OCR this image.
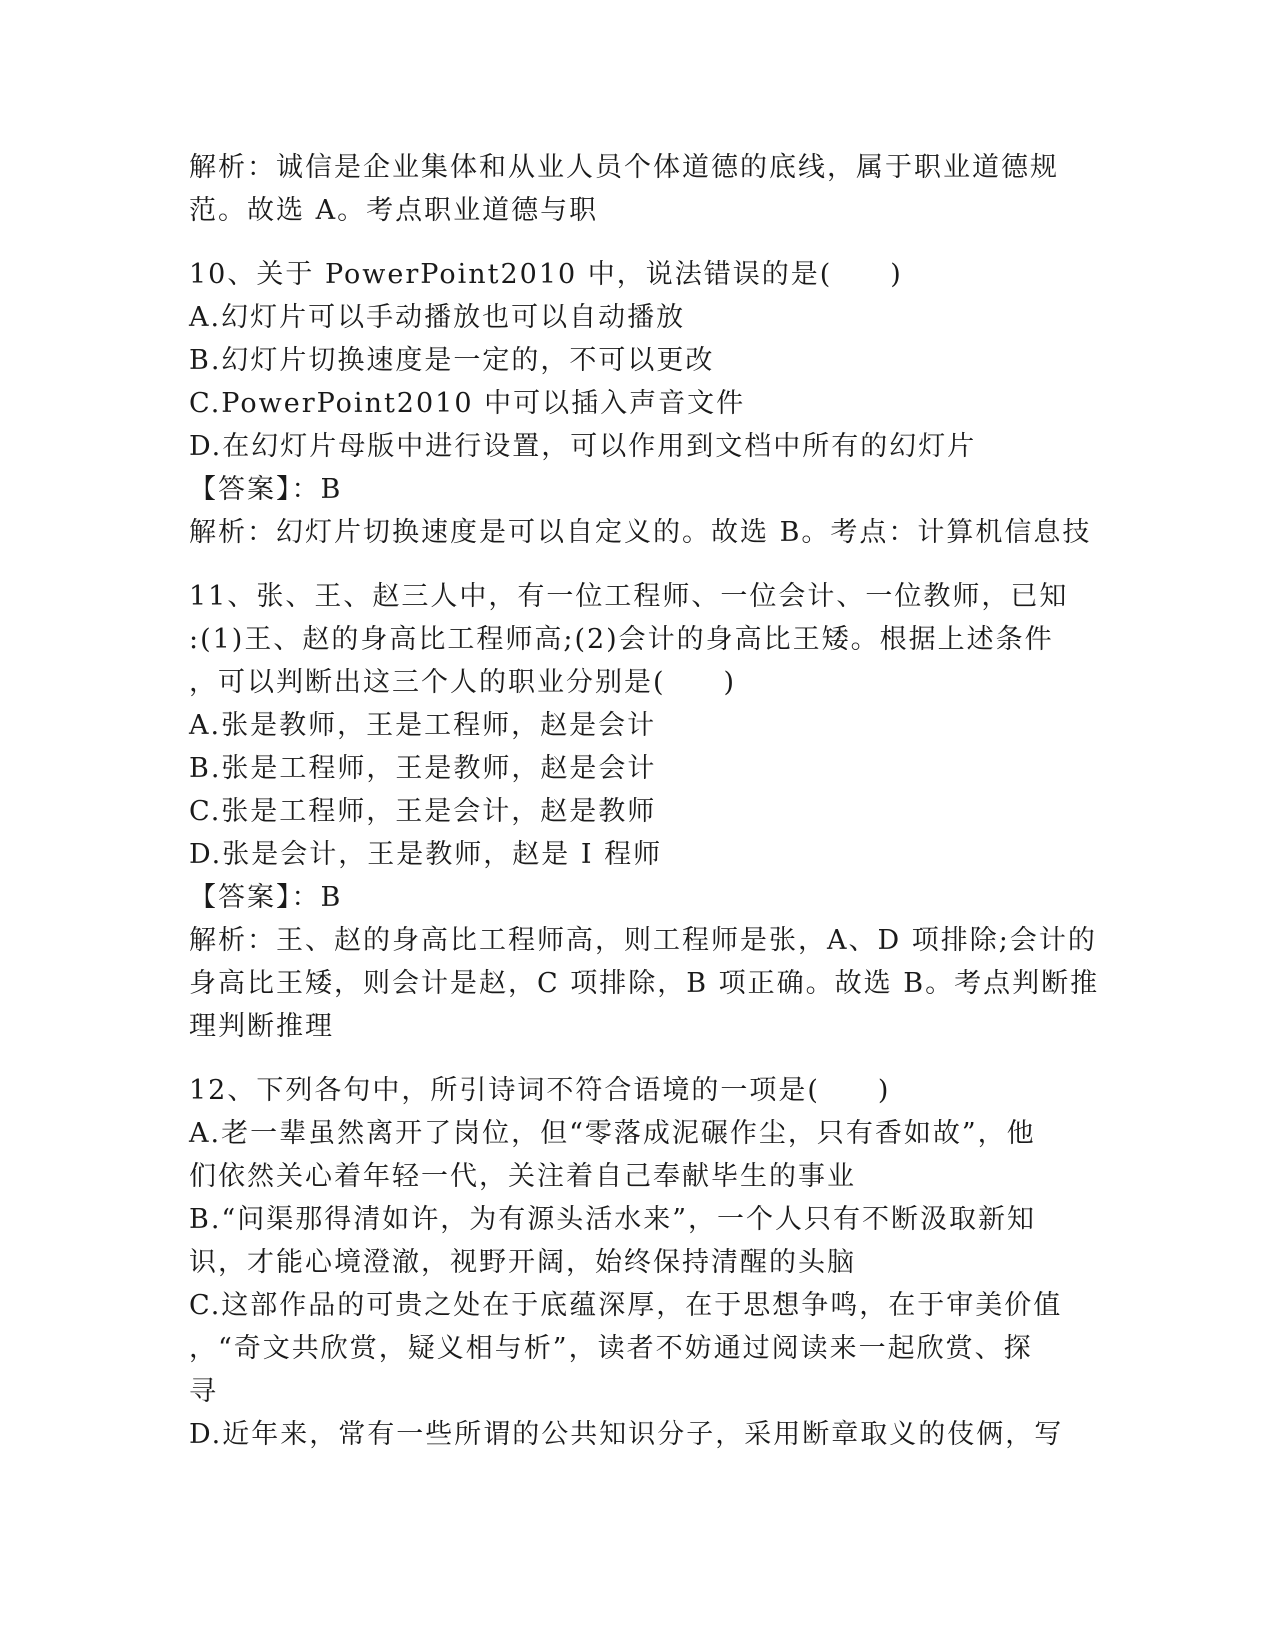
解析：诚信是企业集体和从业人员个体道德的底线，属于职业道德规
范。故选 A。考点职业道德与职
10、关于 PowerPoint2010 中，说法错误的是(　　)
A.幻灯片可以手动播放也可以自动播放
B.幻灯片切换速度是一定的，不可以更改
C.PowerPoint2010 中可以插入声音文件
D.在幻灯片母版中进行设置，可以作用到文档中所有的幻灯片
【答案】：B
解析：幻灯片切换速度是可以自定义的。故选 B。考点：计算机信息技
11、张、王、赵三人中，有一位工程师、一位会计、一位教师，已知
:(1)王、赵的身高比工程师高;(2)会计的身高比王矮。根据上述条件
，可以判断出这三个人的职业分别是(　　)
A.张是教师，王是工程师，赵是会计
B.张是工程师，王是教师，赵是会计
C.张是工程师，王是会计，赵是教师
D.张是会计，王是教师，赵是 I 程师
【答案】：B
解析：王、赵的身高比工程师高，则工程师是张，A、D 项排除;会计的
身高比王矮，则会计是赵，C 项排除，B 项正确。故选 B。考点判断推
理判断推理
12、下列各句中，所引诗词不符合语境的一项是(　　)
A.老一辈虽然离开了岗位，但“零落成泥碾作尘，只有香如故”，他
们依然关心着年轻一代，关注着自己奉献毕生的事业
B.“问渠那得清如许，为有源头活水来”，一个人只有不断汲取新知
识，才能心境澄澈，视野开阔，始终保持清醒的头脑
C.这部作品的可贵之处在于底蕴深厚，在于思想争鸣，在于审美价值
，“奇文共欣赏，疑义相与析”，读者不妨通过阅读来一起欣赏、探
寻
D.近年来，常有一些所谓的公共知识分子，采用断章取义的伎俩，写
